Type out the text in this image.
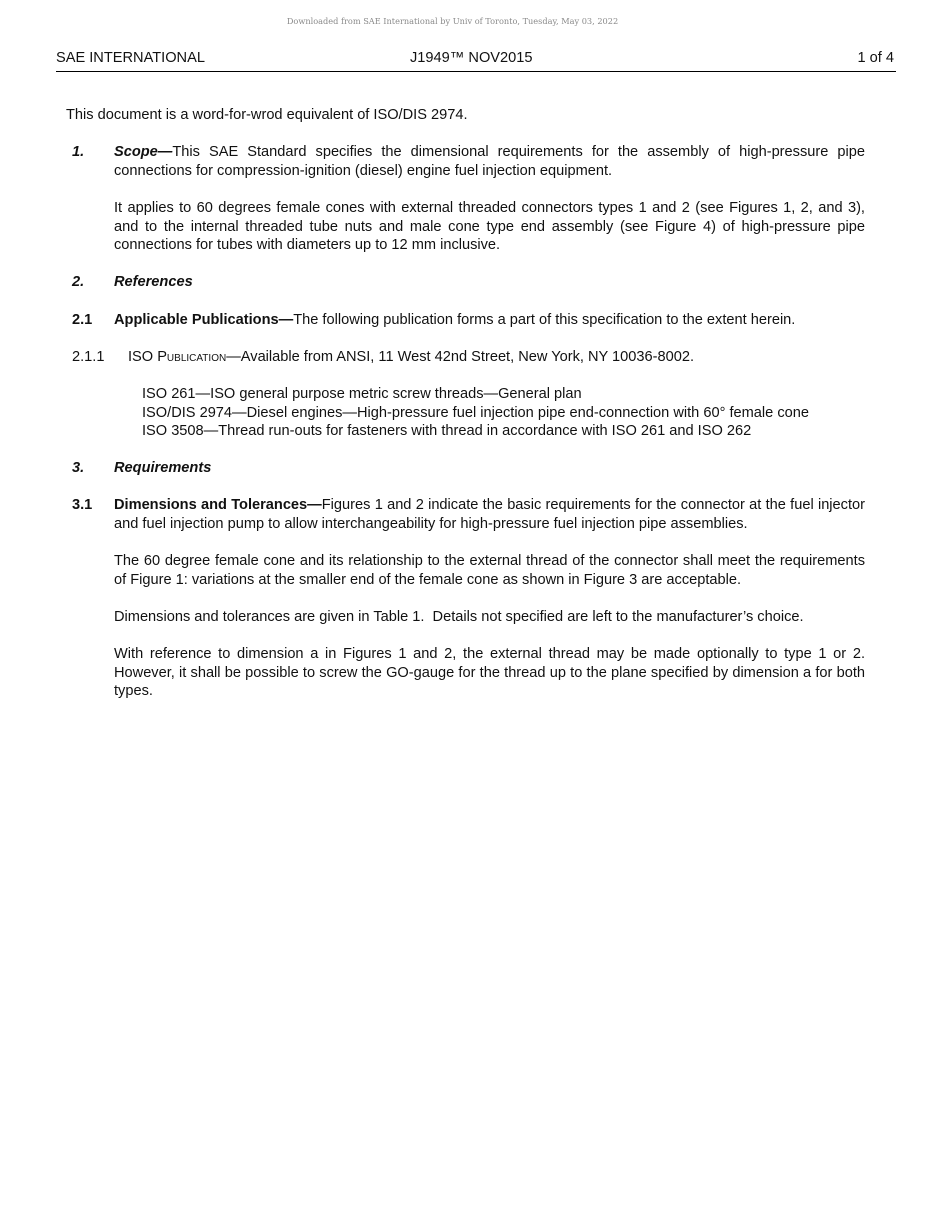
Downloaded from SAE International by Univ of Toronto, Tuesday, May 03, 2022
SAE INTERNATIONAL	J1949™ NOV2015	1 of 4

This document is a word-for-wrod equivalent of ISO/DIS 2974.

1. Scope—This SAE Standard specifies the dimensional requirements for the assembly of high-pressure pipe connections for compression-ignition (diesel) engine fuel injection equipment.

It applies to 60 degrees female cones with external threaded connectors types 1 and 2 (see Figures 1, 2, and 3), and to the internal threaded tube nuts and male cone type end assembly (see Figure 4) of high-pressure pipe connections for tubes with diameters up to 12 mm inclusive.

2. References

2.1 Applicable Publications—The following publication forms a part of this specification to the extent herein.

2.1.1 ISO Publication—Available from ANSI, 11 West 42nd Street, New York, NY 10036-8002.

ISO 261—ISO general purpose metric screw threads—General plan
ISO/DIS 2974—Diesel engines—High-pressure fuel injection pipe end-connection with 60° female cone
ISO 3508—Thread run-outs for fasteners with thread in accordance with ISO 261 and ISO 262
3. Requirements

3.1 Dimensions and Tolerances—Figures 1 and 2 indicate the basic requirements for the connector at the fuel injector and fuel injection pump to allow interchangeability for high-pressure fuel injection pipe assemblies.

The 60 degree female cone and its relationship to the external thread of the connector shall meet the requirements of Figure 1: variations at the smaller end of the female cone as shown in Figure 3 are acceptable.

Dimensions and tolerances are given in Table 1.  Details not specified are left to the manufacturer’s choice.

With reference to dimension a in Figures 1 and 2, the external thread may be made optionally to type 1 or 2. However, it shall be possible to screw the GO-gauge for the thread up to the plane specified by dimension a for both types.
